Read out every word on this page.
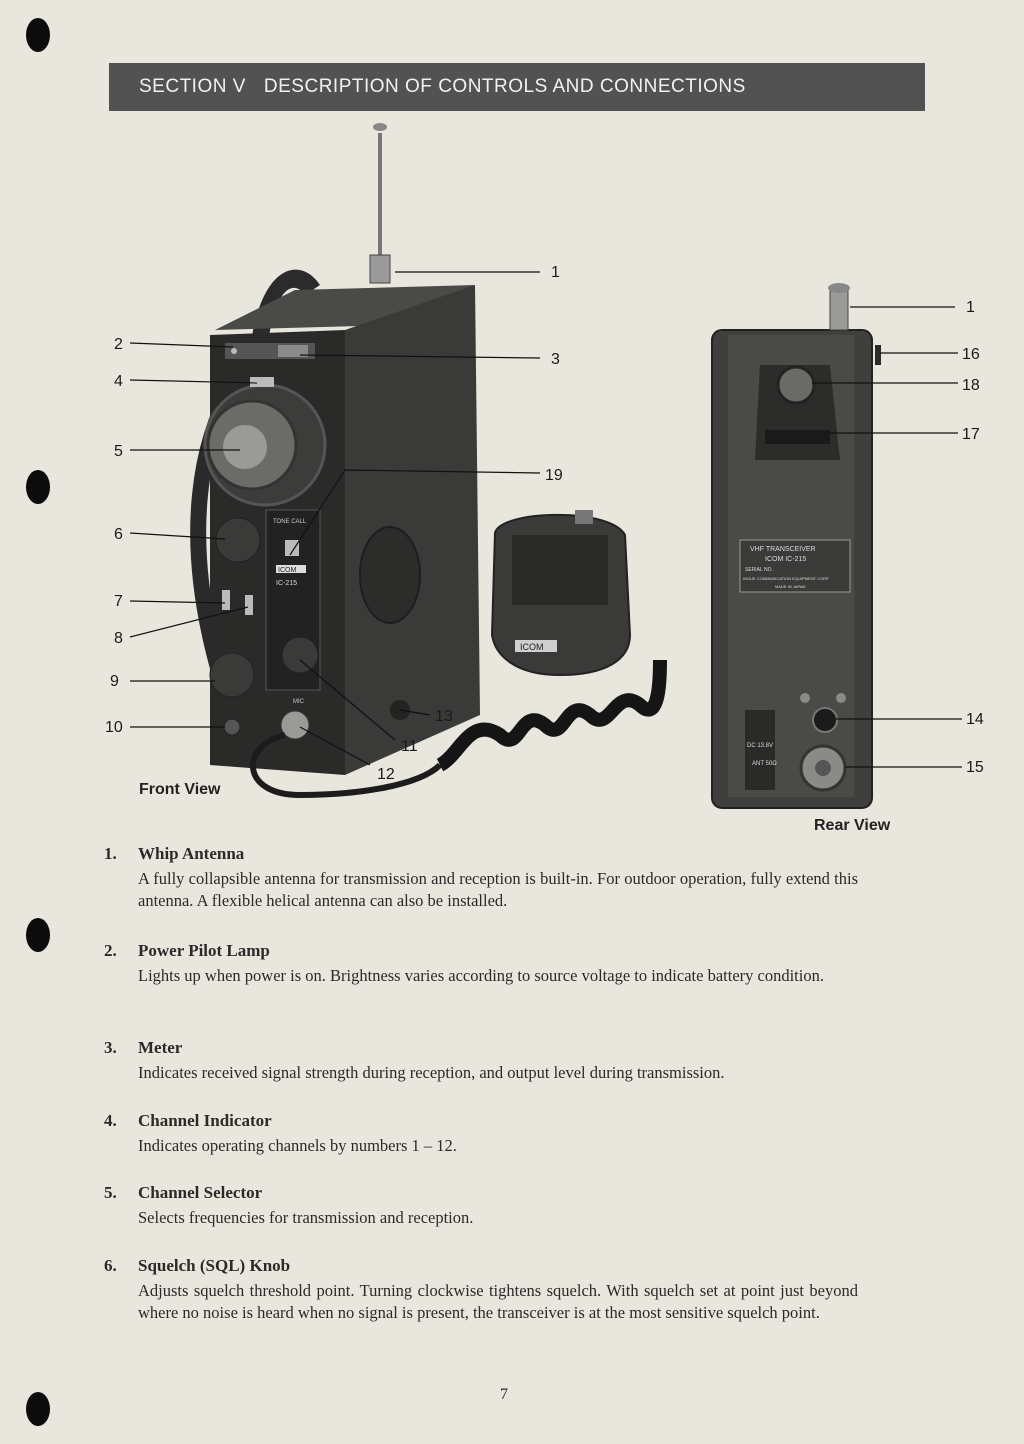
SECTION V DESCRIPTION OF CONTROLS AND CONNECTIONS
TONE CALL
ICOM
IC-215
MIC
ICOM
1
2
3
4
5
19
6
7
8
9
10
13
11
12
VHF TRANSCEIVER
ICOM IC-215
SERIAL NO.
INOUE COMMUNICATION EQUIPMENT CORP.
MADE IN JAPAN
DC 13.8V
ANT 50Ω
1
16
18
17
14
15
Front View
Rear View
1. Whip Antenna
A fully collapsible antenna for transmission and reception is built-in. For outdoor operation, fully extend this antenna. A flexible helical antenna can also be installed.
2. Power Pilot Lamp
Lights up when power is on. Brightness varies according to source voltage to indicate battery condition.
3. Meter
Indicates received signal strength during reception, and output level during transmission.
4. Channel Indicator
Indicates operating channels by numbers 1 – 12.
5. Channel Selector
Selects frequencies for transmission and reception.
6. Squelch (SQL) Knob
Adjusts squelch threshold point. Turning clockwise tightens squelch. With squelch set at point just beyond where no noise is heard when no signal is present, the transceiver is at the most sensitive squelch point.
7
